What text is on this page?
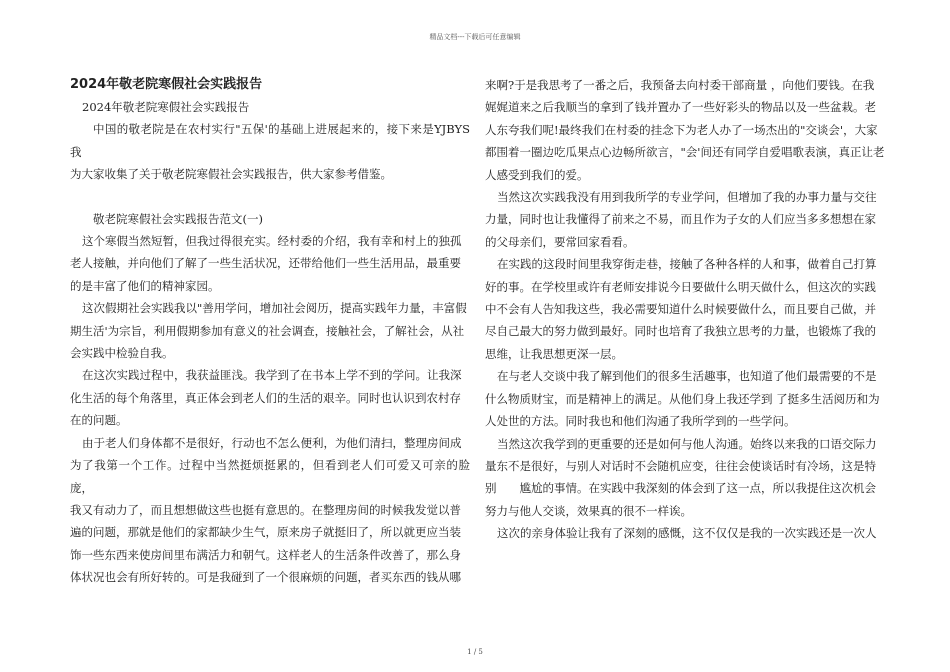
精品文档---下载后可任意编辑

2024年敬老院寒假社会实践报告

2024年敬老院寒假社会实践报告

中国的敬老院是在农村实行"五保'的基础上进展起来的，接下来是YJBYS我

为大家收集了关于敬老院寒假社会实践报告，供大家参考借鉴。

敬老院寒假社会实践报告范文(一)

这个寒假当然短暂，但我过得很充实。经村委的介绍，我有幸和村上的独孤

老人接触，并向他们了解了一些生活状况，还带给他们一些生活用品，最重要

的是丰富了他们的精神家园。

这次假期社会实践我以"善用学问，增加社会阅历，提高实践年力量，丰富假

期生活'为宗旨，利用假期参加有意义的社会调查，接触社会，了解社会，从社

会实践中检验自我。

在这次实践过程中，我获益匪浅。我学到了在书本上学不到的学问。让我深

化生活的每个角落里，真正体会到老人们的生活的艰辛。同时也认识到农村存

在的问题。

由于老人们身体都不是很好，行动也不怎么便利，为他们清扫，整理房间成

为了我第一个工作。过程中当然挺烦挺累的，但看到老人们可爱又可亲的脸庞，

我又有动力了，而且想想做这些也挺有意思的。在整理房间的时候我发觉以普

遍的问题，那就是他们的家都缺少生气，原来房子就挺旧了，所以就更应当装

饰一些东西来使房间里布满活力和朝气。这样老人的生活条件改善了，那么身

体状况也会有所好转的。可是我碰到了一个很麻烦的问题，者买东西的钱从哪

来啊?于是我思考了一番之后，我预备去向村委干部商量 ，向他们要钱。在我

娓娓道来之后我顺当的拿到了钱并置办了一些好彩头的物品以及一些盆栽。老

人东夸我们呢!最终我们在村委的挂念下为老人办了一场杰出的"交谈会'，大家

都围着一圈边吃瓜果点心边畅所欲言，"会'间还有同学自爱唱歌表演，真正让老

人感受到我们的爱。

当然这次实践我没有用到我所学的专业学问，但增加了我的办事力量与交往

力量，同时也让我懂得了前来之不易，而且作为子女的人们应当多多想想在家

的父母亲们，要常回家看看。

在实践的这段时间里我穿街走巷，接触了各种各样的人和事，做着自己打算

好的事。在学校里或许有老师安排说今日要做什么明天做什么，但这次的实践

中不会有人告知我这些，我必需要知道什么时候要做什么，而且要自己做，并

尽自己最大的努力做到最好。同时也培育了我独立思考的力量，也锻炼了我的

思维，让我思想更深一层。

在与老人交谈中我了解到他们的很多生活趣事，也知道了他们最需要的不是

什么物质财宝，而是精神上的满足。从他们身上我还学到 了挺多生活阅历和为

人处世的方法。同时我也和他们沟通了我所学到的一些学问。

当然这次我学到的更重要的还是如何与他人沟通。始终以来我的口语交际力

量东不是很好，与别人对话时不会随机应变，往往会使谈话时有冷场，这是特

别　　尴尬的事情。在实践中我深刻的体会到了这一点，所以我提住这次机会

努力与他人交谈，效果真的很不一样诶。

这次的亲身体验让我有了深刻的感慨，这不仅仅是我的一次实践还是一次人

1 / 5
